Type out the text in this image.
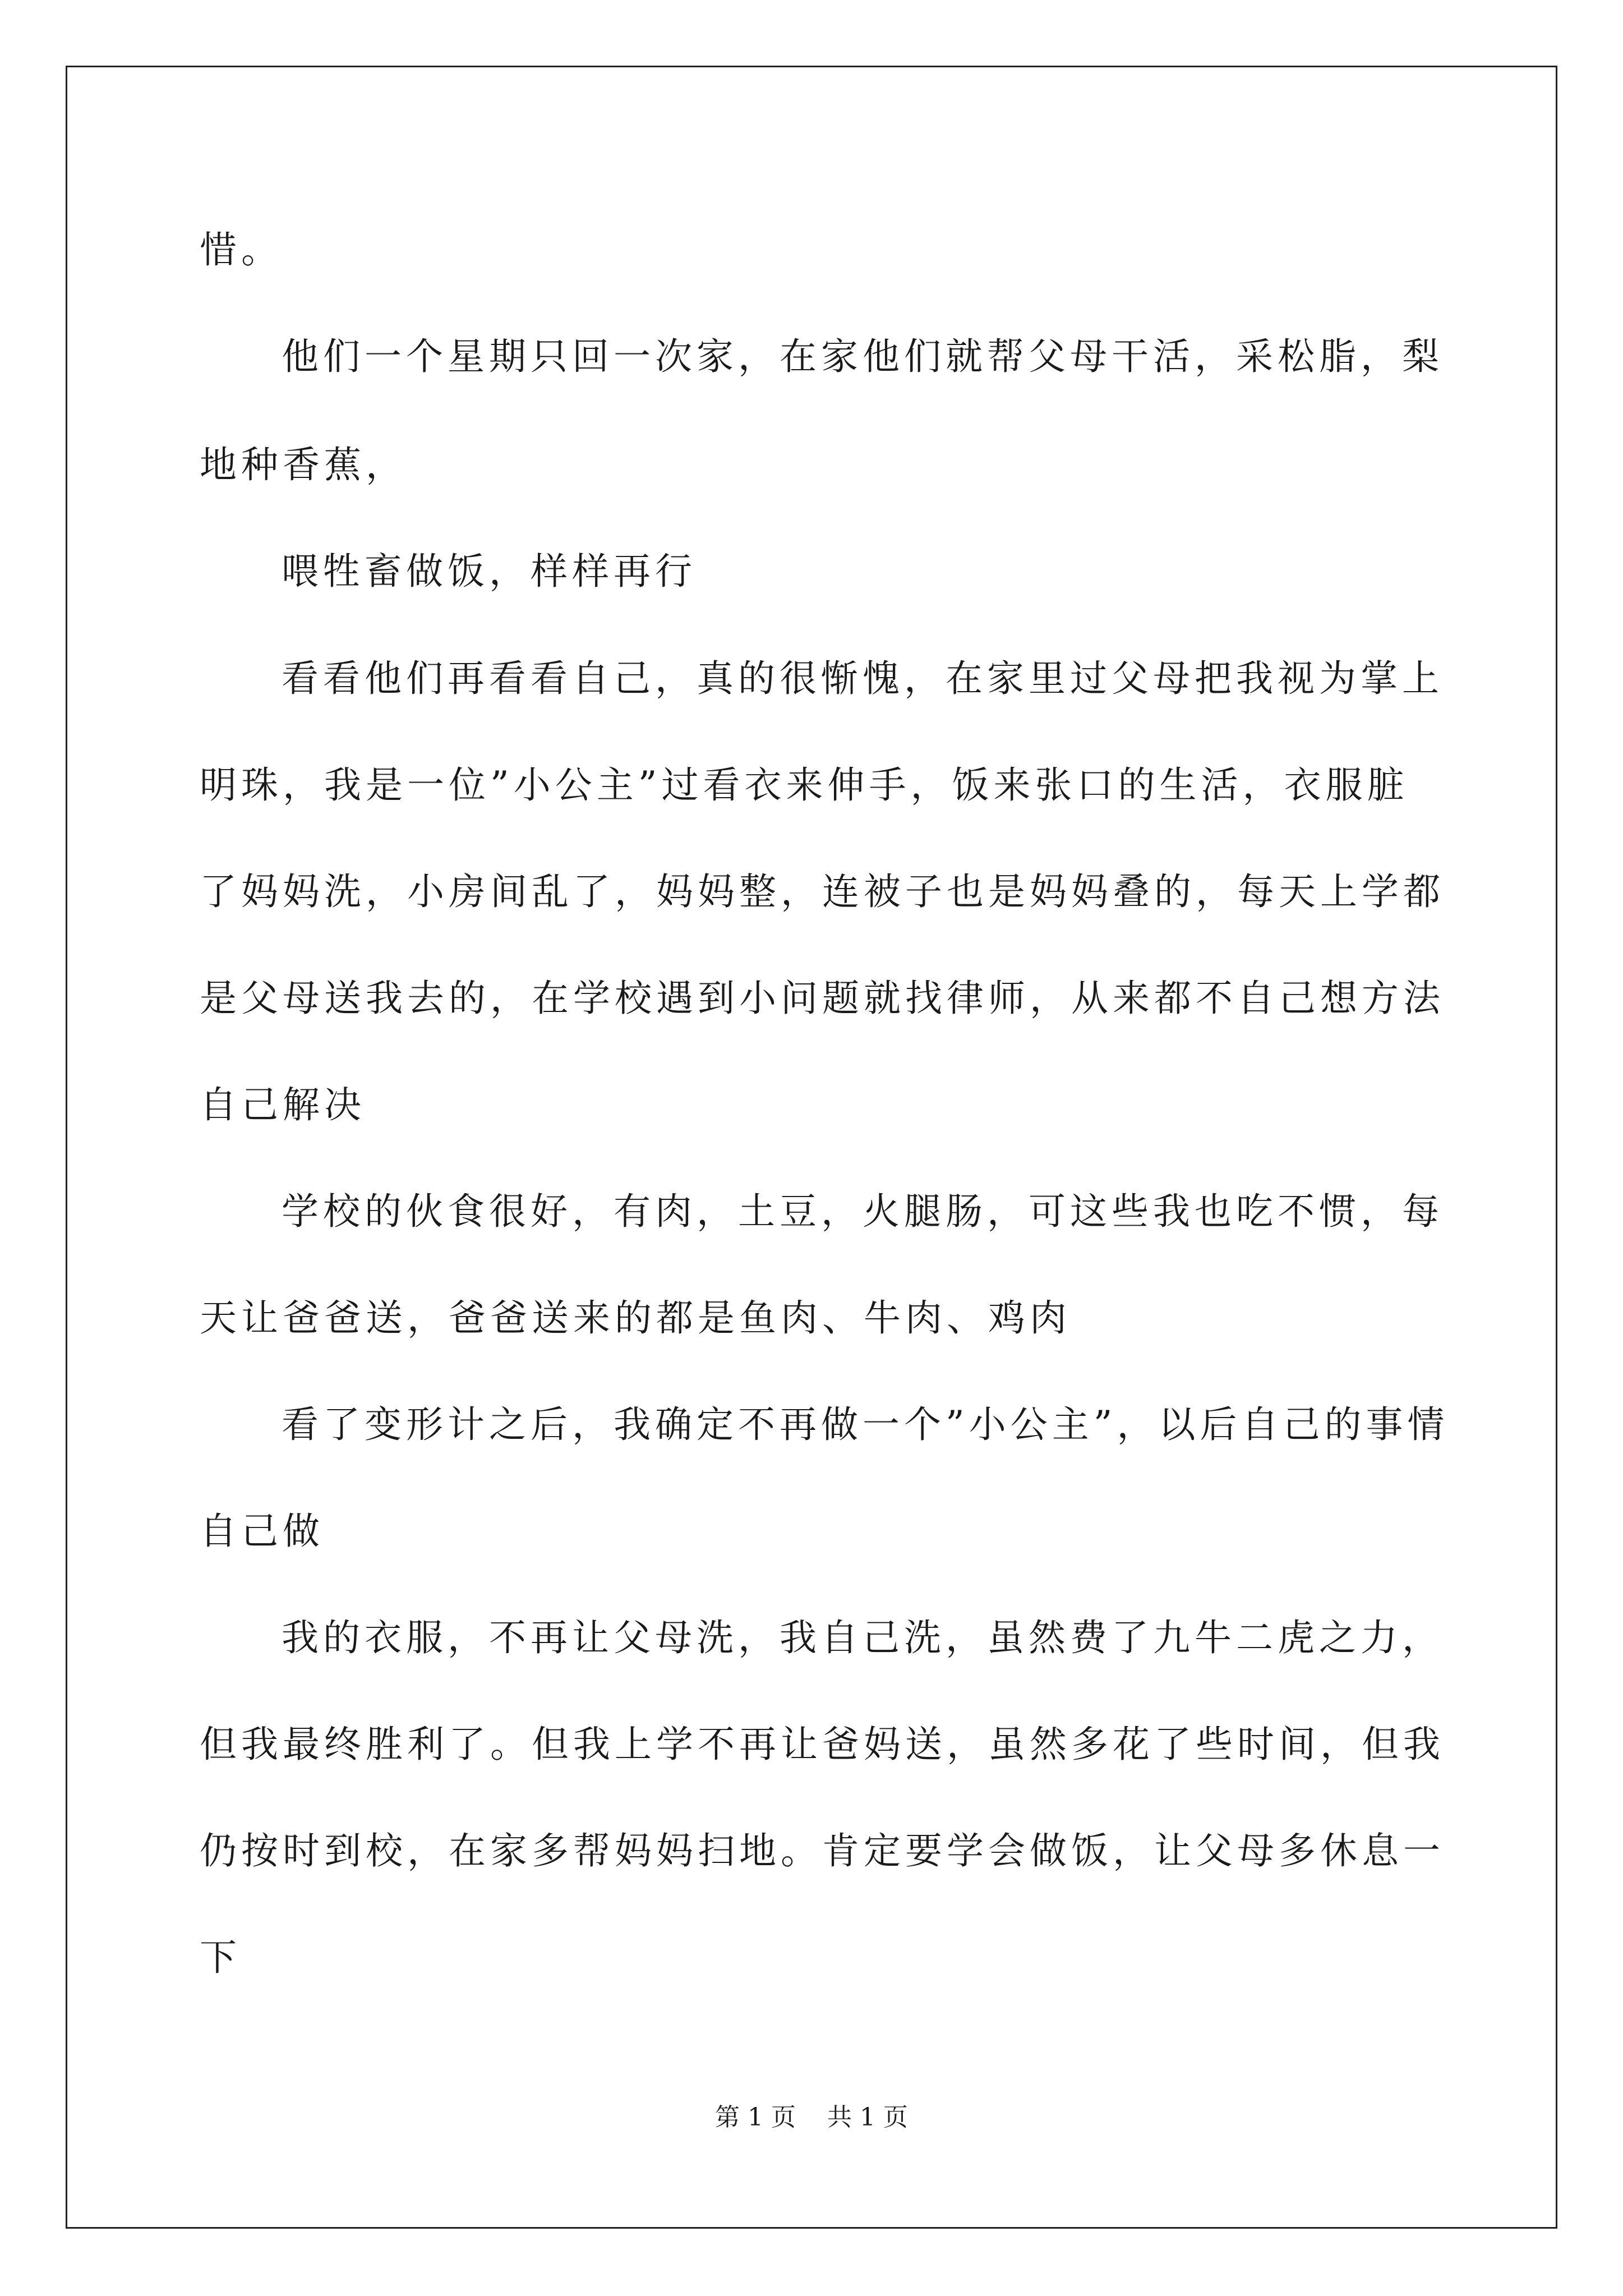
惜。
他们一个星期只回一次家，在家他们就帮父母干活，采松脂，梨
地种香蕉，
喂牲畜做饭，样样再行
看看他们再看看自己，真的很惭愧，在家里过父母把我视为掌上
明珠，我是一位”小公主”过看衣来伸手，饭来张口的生活，衣服脏
了妈妈洗，小房间乱了，妈妈整，连被子也是妈妈叠的，每天上学都
是父母送我去的，在学校遇到小问题就找律师，从来都不自己想方法
自己解决
学校的伙食很好，有肉，土豆，火腿肠，可这些我也吃不惯，每
天让爸爸送，爸爸送来的都是鱼肉、牛肉、鸡肉
看了变形计之后，我确定不再做一个”小公主”，以后自己的事情
自己做
我的衣服，不再让父母洗，我自己洗，虽然费了九牛二虎之力，
但我最终胜利了。但我上学不再让爸妈送，虽然多花了些时间，但我
仍按时到校，在家多帮妈妈扫地。肯定要学会做饭，让父母多休息一
下
第 1 页    共 1 页
